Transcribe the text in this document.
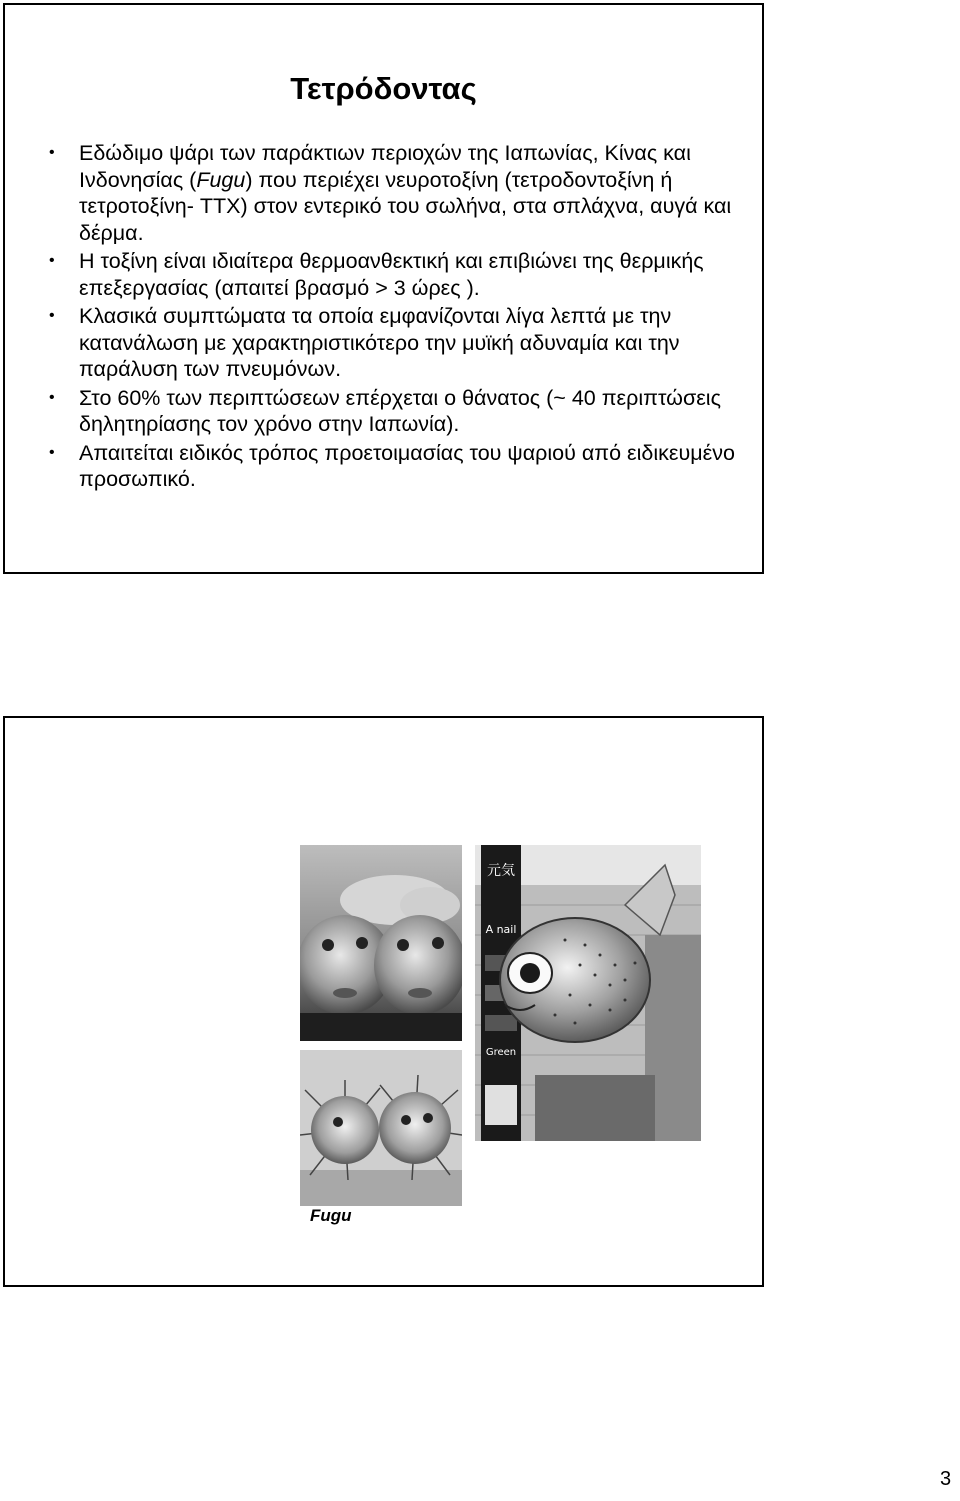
Τετρόδοντας
• Εδώδιμο ψάρι των παράκτιων περιοχών της Ιαπωνίας, Κίνας και Ινδονησίας (Fugu) που περιέχει νευροτοξίνη (τετροδοντοξίνη ή τετροτοξίνη- TTX) στον εντερικό του σωλήνα, στα σπλάχνα, αυγά και δέρμα.
• Η τοξίνη είναι ιδιαίτερα θερμοανθεκτική και επιβιώνει της θερμικής επεξεργασίας (απαιτεί βρασμό > 3 ώρες ).
• Κλασικά συμπτώματα τα οποία εμφανίζονται λίγα λεπτά με την κατανάλωση με χαρακτηριστικότερο την μυϊκή αδυναμία και την παράλυση των πνευμόνων.
• Στο 60% των περιπτώσεων επέρχεται ο θάνατος (~ 40 περιπτώσεις δηλητηρίασης τον χρόνο στην Ιαπωνία).
• Απαιτείται ειδικός τρόπος προετοιμασίας του ψαριού από ειδικευμένο προσωπικό.
元気
A nail
Green
Fugu
3
